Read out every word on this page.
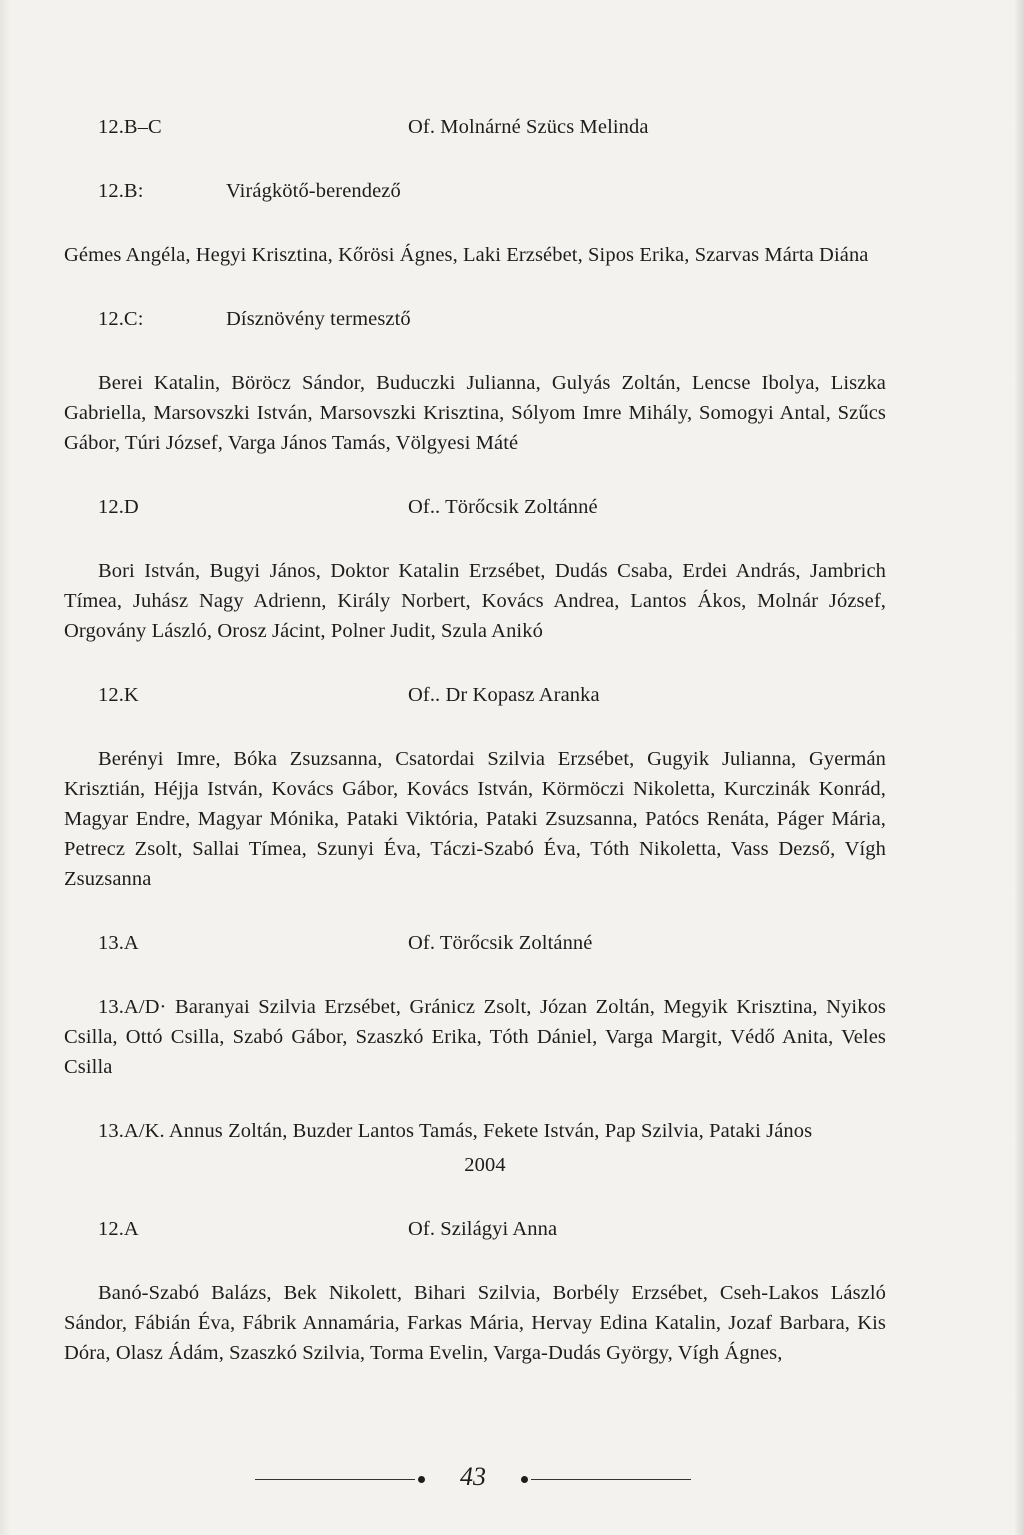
12.B–C	Of. Molnárné Szücs Melinda
12.B:	Virágkötő-berendező

Gémes Angéla, Hegyi Krisztina, Kőrösi Ágnes, Laki Erzsébet, Sipos Erika, Szarvas Márta Diána

12.C:	Dísznövény termesztő

Berei Katalin, Böröcz Sándor, Buduczki Julianna, Gulyás Zoltán, Lencse Ibolya, Liszka Gabriella, Marsovszki István, Marsovszki Krisztina, Sólyom Imre Mihály, Somogyi Antal, Szűcs Gábor, Túri József, Varga János Tamás, Völgyesi Máté

12.D	Of.. Törőcsik Zoltánné

Bori István, Bugyi János, Doktor Katalin Erzsébet, Dudás Csaba, Erdei András, Jambrich Tímea, Juhász Nagy Adrienn, Király Norbert, Kovács Andrea, Lantos Ákos, Molnár József, Orgovány László, Orosz Jácint, Polner Judit, Szula Anikó

12.K	Of.. Dr Kopasz Aranka

Berényi Imre, Bóka Zsuzsanna, Csatordai Szilvia Erzsébet, Gugyik Julianna, Gyermán Krisztián, Héjja István, Kovács Gábor, Kovács István, Körmöczi Nikoletta, Kurczinák Konrád, Magyar Endre, Magyar Mónika, Pataki Viktória, Pataki Zsuzsanna, Patócs Renáta, Páger Mária, Petrecz Zsolt, Sallai Tímea, Szunyi Éva, Táczi-Szabó Éva, Tóth Nikoletta, Vass Dezső, Vígh Zsuzsanna

13.A	Of. Törőcsik Zoltánné

13.A/D· Baranyai Szilvia Erzsébet, Gránicz Zsolt, Józan Zoltán, Megyik Krisztina, Nyikos Csilla, Ottó Csilla, Szabó Gábor, Szaszkó Erika, Tóth Dániel, Varga Margit, Védő Anita, Veles Csilla

13.A/K. Annus Zoltán, Buzder Lantos Tamás, Fekete István, Pap Szilvia, Pataki János

2004
12.A	Of. Szilágyi Anna

Banó-Szabó Balázs, Bek Nikolett, Bihari Szilvia, Borbély Erzsébet, Cseh-Lakos László Sándor, Fábián Éva, Fábrik Annamária, Farkas Mária, Hervay Edina Katalin, Jozaf Barbara, Kis Dóra, Olasz Ádám, Szaszkó Szilvia, Torma Evelin, Varga-Dudás György, Vígh Ágnes,

43
